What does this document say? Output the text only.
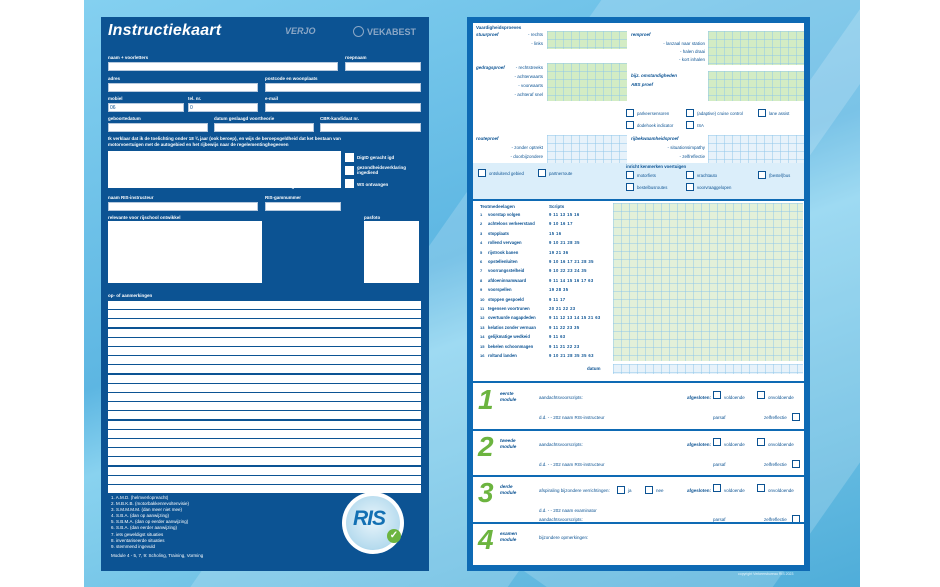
Instructiekaart	VERJO	VEKABEST
naam + voorletters	roepnaam
adres	postcode en woonplaats
mobiel
06
tel. nr.
0
e-mail
geboortedatum	datum geslaagd voortheorie	CBR-kandidaat nr.
Ik verklaar dat ik de toelichting onder 18 ¾ jaar (ook beroep), en wijs de beroepsgeldheid dat ket bestaan van motorvoertuigen met de autogebied en het rijbewijs naar de regelementinghegeeven
DigID geracht igd
gezondheidsverklaring ingediend
WS ontvangen
datum	naam	handtekening
naam RIS-instructeur	RIS-gamnummer
relevante voor rijschool ontwikkel	pasfoto
op- of aanmerkingen
Notities
1. A.M.D. (helmverlopreacht)
2. M.B.K.B. (motorbakkenrevoltenvisie)
3. S.M.M.M.M. (dan meer niet mee)
4. S.B.A. (dan op aanwijzing)
5. S.B.M.A. (dan op eerder aanwijzing)
6. S.B.A. (dan eerder aanwijzing)
7. iets geweldigst situaties
8. inventariseerde situaties
9. stemmend ingevuld
Module 4 - 5, 7, 9: Scholing, Training, Vorming
RIS
✓
Vaardigheidsproeves
stuurproef	- rechts
- links
remproef
- lanzaal naar station
- halen draai
- kort inhalen
gedragsproef	- rechtstreeks
- achterwaarts
- voorwaarts
- achteraf snel
bijz. omstandigheden
ABS proef
parkeersensoren	(adaptive) cruise control	lane assist
dodehoek indicator	ISA
routeproef
- zonder optrekt
- doorbijzondere
rijbekwaamheidsproef
- situationsimpathy
- zelfreflectie
ontsluitend gebied	partnerroute
inricht kenmerken voertuigen
motorfiets	vrachtauto	(bestel)bus
bestelbusroutes	voorvraaggelopen
Textmedeelagen	Scripts
1 voorstap volgen	9 11 13 15 16
2 achteloos verkeerstand	9 10 16 17
3 stopplaats	15 16
4 rollend vervagen	9 10 21 28 35
5 rijstrook banen	19 21 36
6 opstellenluiten	9 10 16 17 21 28 35
7 voorrangsstelheid	9 10 22 23 24 35
8 afdoeninnamwaard	9 11 14 15 16 17 63
9 voorspellen	19 28 35
10 stoppen gespoeld	9 11 17
11 tegensen voortrunen	20 21 22 23
12 overtuurde nagapdeden	9 11 12 13 14 15 21 63
13 kelatios zonder vernuan	9 11 22 23 35
14 gelijkmatige wedkeid	9 11 63
15 bekelen schoonmagen	9 11 21 22 23
16 roltand landen	9 10 21 28 35 35 63
datum
1 eerste module	aandachtsvoorscripts:
d.d. - - 202 naam RIS-instructeur
afgesloten:	voldoende	onvoldoende
parsaf	zelfreflectie
2 tweede module	aandachtsvoorscripts:
d.d. - - 202 naam RIS-instructeur
afgesloten:	voldoende	onvoldoende
parsaf	zelfreflectie
3 derde module	afspiraling bijzondere verrichtingen:
d.d. - - 202 naam examinator
aandachtsvoorscripts:
ja	nee	afgesloten:	voldoende	onvoldoende
parsaf	zelfreflectie
4 examen module	bijzondere opmerkingen:
copyright Verkeersbureau RIS 2023
